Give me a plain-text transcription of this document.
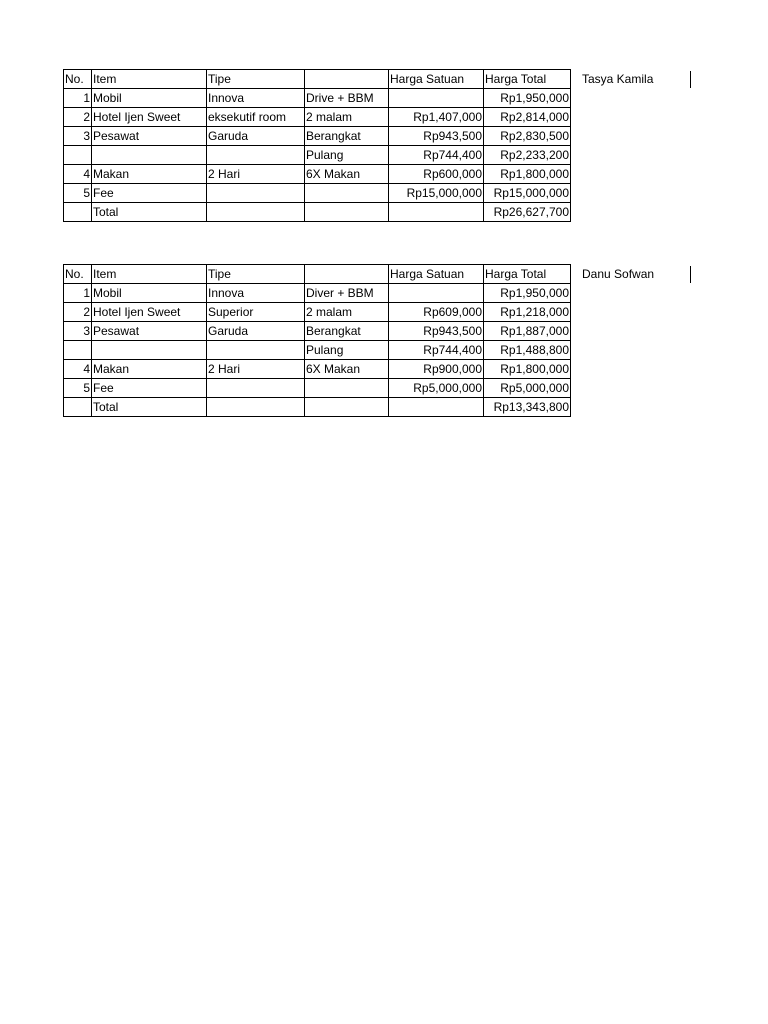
No.	Item	Tipe		Harga Satuan	Harga Total
1	Mobil	Innova	Drive + BBM		Rp1,950,000
2	Hotel Ijen Sweet	eksekutif room	2 malam	Rp1,407,000	Rp2,814,000
3	Pesawat	Garuda	Berangkat	Rp943,500	Rp2,830,500
			Pulang	Rp744,400	Rp2,233,200
4	Makan	2 Hari	6X Makan	Rp600,000	Rp1,800,000
5	Fee			Rp15,000,000	Rp15,000,000
	Total				Rp26,627,700
Tasya Kamila
No.	Item	Tipe		Harga Satuan	Harga Total
1	Mobil	Innova	Diver + BBM		Rp1,950,000
2	Hotel Ijen Sweet	Superior	2 malam	Rp609,000	Rp1,218,000
3	Pesawat	Garuda	Berangkat	Rp943,500	Rp1,887,000
			Pulang	Rp744,400	Rp1,488,800
4	Makan	2 Hari	6X Makan	Rp900,000	Rp1,800,000
5	Fee			Rp5,000,000	Rp5,000,000
	Total				Rp13,343,800
Danu Sofwan
